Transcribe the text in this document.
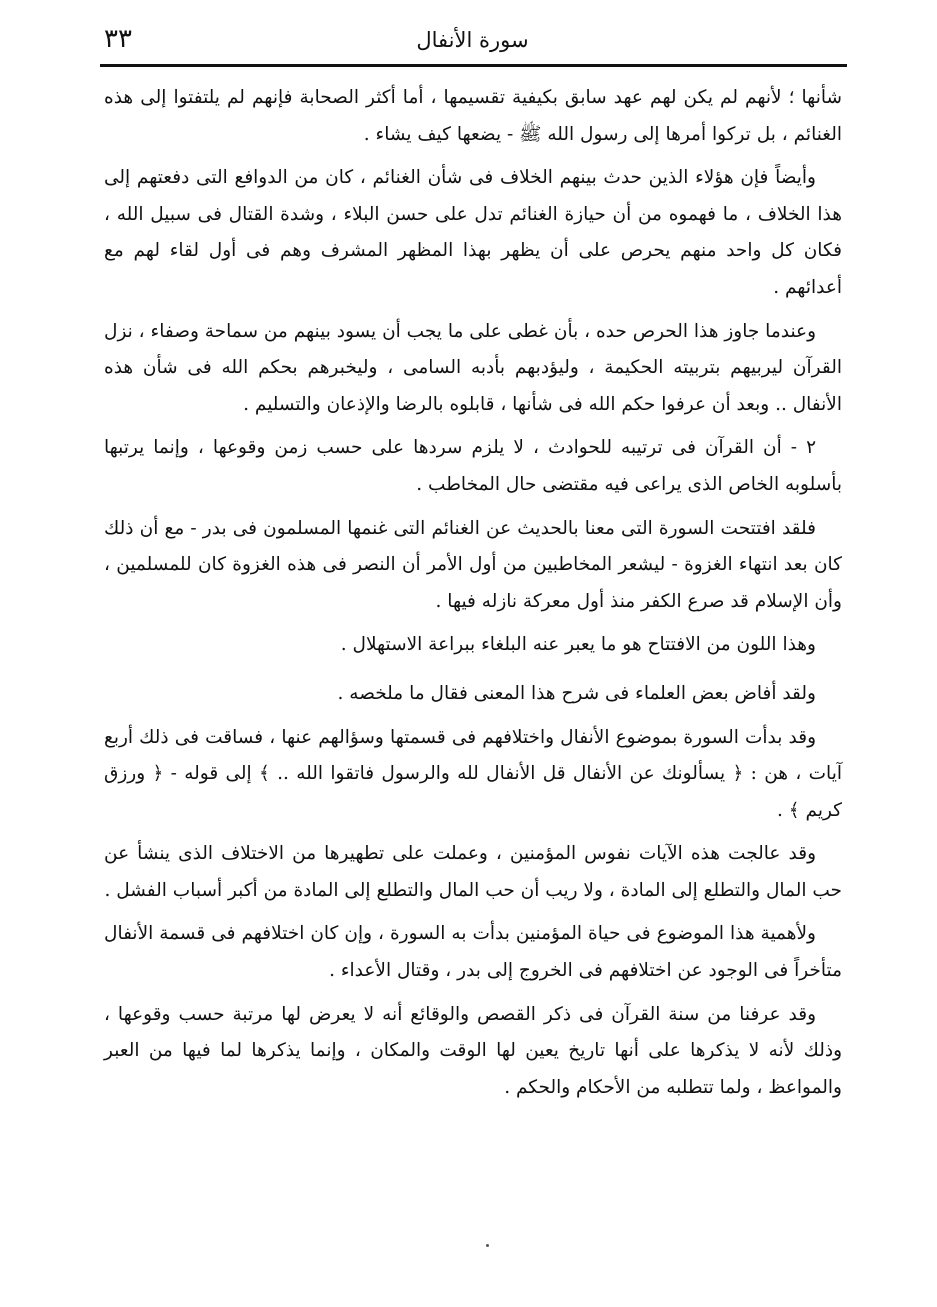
٣٣	سورة الأنفال

شأنها ؛ لأنهم لم يكن لهم عهد سابق بكيفية تقسيمها ، أما أكثر الصحابة فإنهم لم يلتفتوا إلى هذه الغنائم ، بل تركوا أمرها إلى رسول الله ﷺ - يضعها كيف يشاء .

وأيضاً فإن هؤلاء الذين حدث بينهم الخلاف فى شأن الغنائم ، كان من الدوافع التى دفعتهم إلى هذا الخلاف ، ما فهموه من أن حيازة الغنائم تدل على حسن البلاء ، وشدة القتال فى سبيل الله ، فكان كل واحد منهم يحرص على أن يظهر بهذا المظهر المشرف وهم فى أول لقاء لهم مع أعدائهم .

وعندما جاوز هذا الحرص حده ، بأن غطى على ما يجب أن يسود بينهم من سماحة وصفاء ، نزل القرآن ليربيهم بتربيته الحكيمة ، وليؤدبهم بأدبه السامى ، وليخبرهم بحكم الله فى شأن هذه الأنفال .. وبعد أن عرفوا حكم الله فى شأنها ، قابلوه بالرضا والإذعان والتسليم .

٢ - أن القرآن فى ترتيبه للحوادث ، لا يلزم سردها على حسب زمن وقوعها ، وإنما يرتبها بأسلوبه الخاص الذى يراعى فيه مقتضى حال المخاطب .

فلقد افتتحت السورة التى معنا بالحديث عن الغنائم التى غنمها المسلمون فى بدر - مع أن ذلك كان بعد انتهاء الغزوة - ليشعر المخاطبين من أول الأمر أن النصر فى هذه الغزوة كان للمسلمين ، وأن الإسلام قد صرع الكفر منذ أول معركة نازله فيها .

وهذا اللون من الافتتاح هو ما يعبر عنه البلغاء ببراعة الاستهلال .

ولقد أفاض بعض العلماء فى شرح هذا المعنى فقال ما ملخصه .

وقد بدأت السورة بموضوع الأنفال واختلافهم فى قسمتها وسؤالهم عنها ، فساقت فى ذلك أربع آيات ، هن : ﴿ يسألونك عن الأنفال قل الأنفال لله والرسول فاتقوا الله .. ﴾ إلى قوله - ﴿ ورزق كريم ﴾ .

وقد عالجت هذه الآيات نفوس المؤمنين ، وعملت على تطهيرها من الاختلاف الذى ينشأ عن حب المال والتطلع إلى المادة ، ولا ريب أن حب المال والتطلع إلى المادة من أكبر أسباب الفشل .

ولأهمية هذا الموضوع فى حياة المؤمنين بدأت به السورة ، وإن كان اختلافهم فى قسمة الأنفال متأخراً فى الوجود عن اختلافهم فى الخروج إلى بدر ، وقتال الأعداء .

وقد عرفنا من سنة القرآن فى ذكر القصص والوقائع أنه لا يعرض لها مرتبة حسب وقوعها ، وذلك لأنه لا يذكرها على أنها تاريخ يعين لها الوقت والمكان ، وإنما يذكرها لما فيها من العبر والمواعظ ، ولما تتطلبه من الأحكام والحكم .
